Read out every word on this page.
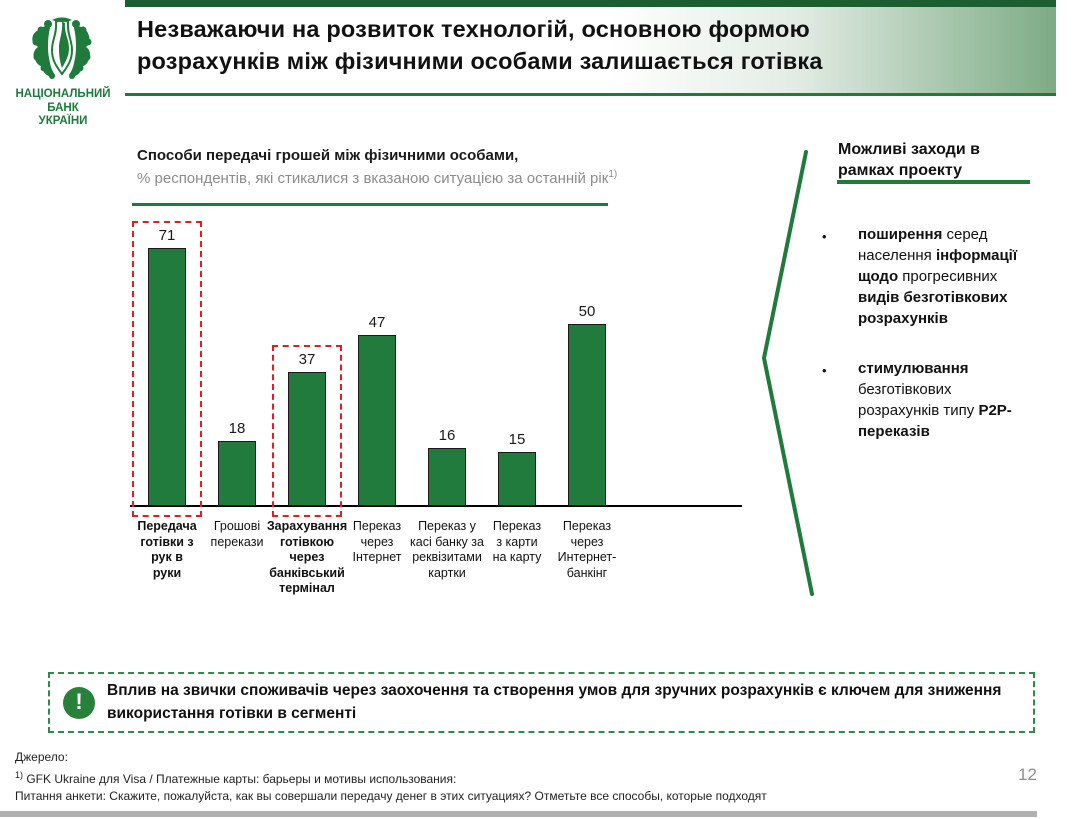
НАЦІОНАЛЬНИЙ
БАНК
УКРАЇНИ
Незважаючи на розвиток технологій, основною формою
розрахунків між фізичними особами залишається готівка
Способи передачі грошей між фізичними особами,
% респондентів, які стикалися з вказаною ситуацією за останній рік$^{1)}$
71
18
37
47
16	15
50
Передача
готівки з
рук в
руки
Грошові
перекази
Зарахування
готівкою
через
банківський
термінал
Переказ
через
Інтернет
Переказ у
касі банку за
реквізитами
картки
Переказ
з карти
на карту
Переказ
через
Интернет-
банкінг
Можливі заходи в
рамках проекту
•	поширення серед населення інформації щодо прогресивних видів безготівкових розрахунків
•	стимулювання безготівкових розрахунків типу P2P-переказів
!	Вплив на звички споживачів через заохочення та створення умов для зручних розрахунків є ключем для зниження використання готівки в сегменті
Джерело:
$^{1)}$ GFK Ukraine для Visa / Платежные карты: барьеры и мотивы использования:
Питання анкети: Скажите, пожалуйста, как вы совершали передачу денег в этих ситуациях? Отметьте все способы, которые подходят
12
